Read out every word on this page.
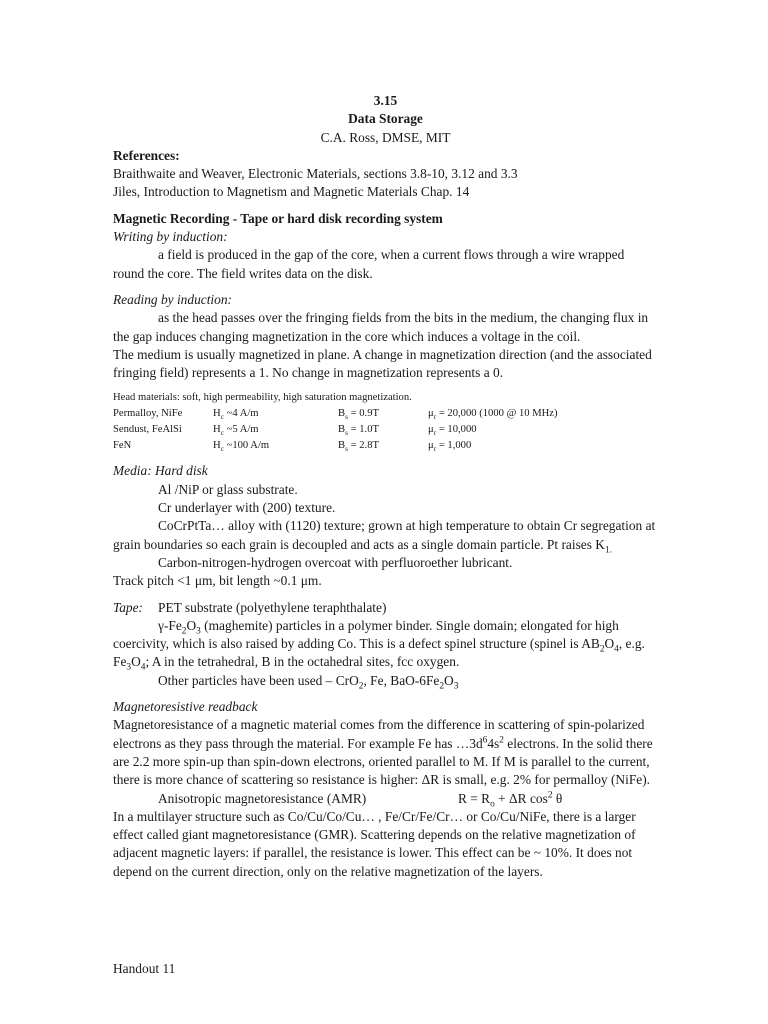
3.15

Data Storage

C.A. Ross, DMSE, MIT

References:

Braithwaite and Weaver, Electronic Materials, sections 3.8-10, 3.12 and 3.3

Jiles, Introduction to Magnetism and Magnetic Materials Chap. 14

Magnetic Recording - Tape or hard disk recording system

Writing by induction:

a field is produced in the gap of the core, when a current flows through a wire wrapped round the core. The field writes data on the disk.

Reading by induction:

as the head passes over the fringing fields from the bits in the medium, the changing flux in the gap induces changing magnetization in the core which induces a voltage in the coil.

The medium is usually magnetized in plane. A change in magnetization direction (and the associated fringing field) represents a 1. No change in magnetization represents a 0.

Head materials: soft, high permeability, high saturation magnetization.

Permalloy, NiFe	$H_c$ ~4 A/m	$B_s = 0.9T$	$\mu_r = 20,000$ (1000 @ 10 MHz)
Sendust, FeAlSi	$H_c$ ~5 A/m	$B_s = 1.0T$	$\mu_r = 10,000$
FeN	$H_c$ ~100 A/m	$B_s = 2.8T$	$\mu_r = 1,000$

Media: Hard disk

Al /NiP or glass substrate.

Cr underlayer with (200) texture.

CoCrPtTa… alloy with (1120) texture; grown at high temperature to obtain Cr segregation at grain boundaries so each grain is decoupled and acts as a single domain particle. Pt raises $K_{1.}$

Carbon-nitrogen-hydrogen overcoat with perfluoroether lubricant.

Track pitch <1 μm, bit length ~0.1 μm.

Tape:	PET substrate (polyethylene teraphthalate)

$\gamma-Fe_2O_3$ (maghemite) particles in a polymer binder. Single domain; elongated for high coercivity, which is also raised by adding Co. This is a defect spinel structure (spinel is $AB_2O_4$, e.g. $Fe_3O_4$; A in the tetrahedral, B in the octahedral sites, fcc oxygen.

Other particles have been used – CrO$_2$, Fe, BaO-$6Fe_2O_3$

Magnetoresistive readback

Magnetoresistance of a magnetic material comes from the difference in scattering of spin-polarized electrons as they pass through the material. For example Fe has $\dots 3d^64s^2$ electrons. In the solid there are 2.2 more spin-up than spin-down electrons, oriented parallel to M. If M is parallel to the current, there is more chance of scattering so resistance is higher: ΔR is small, e.g. 2% for permalloy (NiFe).

Anisotropic magnetoresistance (AMR)	$R = R_o + \Delta R$ $\cos^2 \theta$

In a multilayer structure such as Co/Cu/Co/Cu… , Fe/Cr/Fe/Cr… or Co/Cu/NiFe, there is a larger effect called giant magnetoresistance (GMR). Scattering depends on the relative magnetization of adjacent magnetic layers: if parallel, the resistance is lower. This effect can be ~ 10%. It does not depend on the current direction, only on the relative magnetization of the layers.

Handout 11
